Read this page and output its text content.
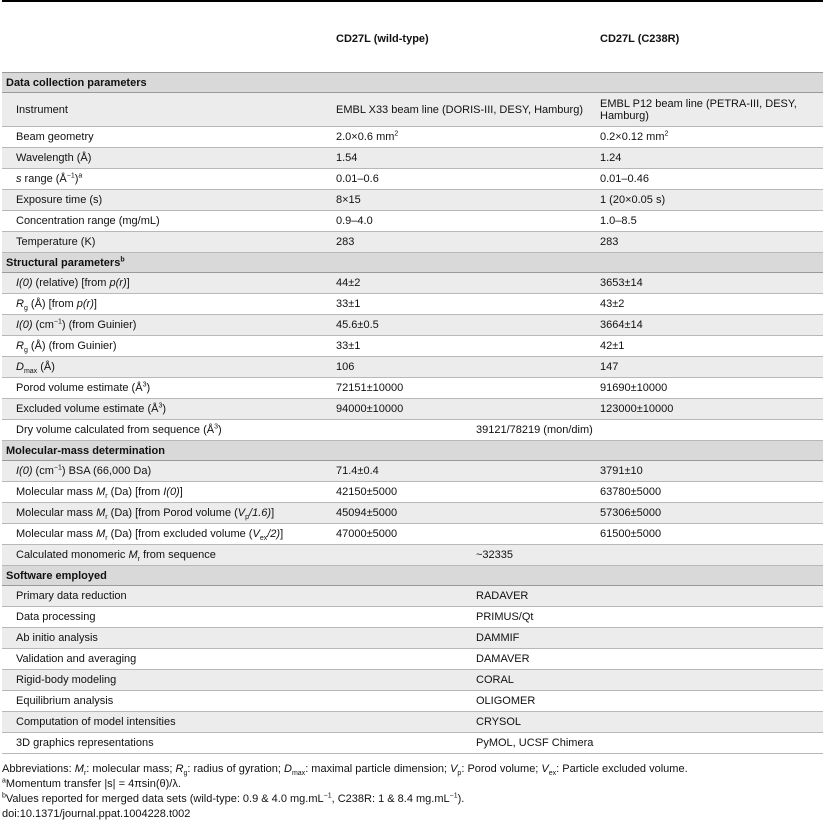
	CD27L (wild-type)	CD27L (C238R)
Data collection parameters		
Instrument	EMBL X33 beam line (DORIS-III, DESY, Hamburg)	EMBL P12 beam line (PETRA-III, DESY, Hamburg)
Beam geometry	2.0×0.6 $mm^2$	0.2×0.12 $mm^2$
Wavelength (Å)	1.54	1.24
s range $(Å^{-1})^a$	0.01–0.6	0.01–0.46
Exposure time (s)	8×15	1 (20×0.05 s)
Concentration range (mg/mL)	0.9–4.0	1.0–8.5
Temperature (K)	283	283
Structural parameters$^b$
I(0) (relative) [from p(r)]	44±2	3653±14
$R_g$ (Å) [from p(r)]	33±1	43±2
I(0) $(cm^{-1})$ (from Guinier)	45.6±0.5	3664±14
$R_g$ (Å) (from Guinier)	33±1	42±1
$D_{max}$ (Å)	106	147
Porod volume estimate $(Å^3)$	72151±10000	91690±10000
Excluded volume estimate $(Å^3)$	94000±10000	123000±10000
Dry volume calculated from sequence $(Å^3)$	39121/78219 (mon/dim)	
Molecular-mass determination		
I(0) $(cm^{-1})$ BSA (66,000 Da)	71.4±0.4	3791±10
Molecular mass $M_r$ (Da) [from I(0)]	42150±5000	63780±5000
Molecular mass $M_r$ (Da) [from Porod volume $(V_p/1.6)$]	45094±5000	57306±5000
Molecular mass $M_r$ (Da) [from excluded volume $(V_{ex}/2)$]	47000±5000	61500±5000
Calculated monomeric $M_r$ from sequence	~32335	
Software employed		
Primary data reduction	RADAVER	
Data processing	PRIMUS/Qt	
Ab initio analysis	DAMMIF	
Validation and averaging	DAMAVER	
Rigid-body modeling	CORAL	
Equilibrium analysis	OLIGOMER	
Computation of model intensities	CRYSOL	
3D graphics representations	PyMOL, UCSF Chimera	
Abbreviations: $M_r$: molecular mass; $R_g$: radius of gyration; $D_{max}$: maximal particle dimension; $V_p$: Porod volume; $V_{ex}$: Particle excluded volume.
$^a$Momentum transfer |s| = 4πsin(θ)/λ.
$^b$Values reported for merged data sets (wild-type: 0.9 & 4.0 $mg.mL^{-1}$, C238R: 1 & 8.4 $mg.mL^{-1}$).
doi:10.1371/journal.ppat.1004228.t002
